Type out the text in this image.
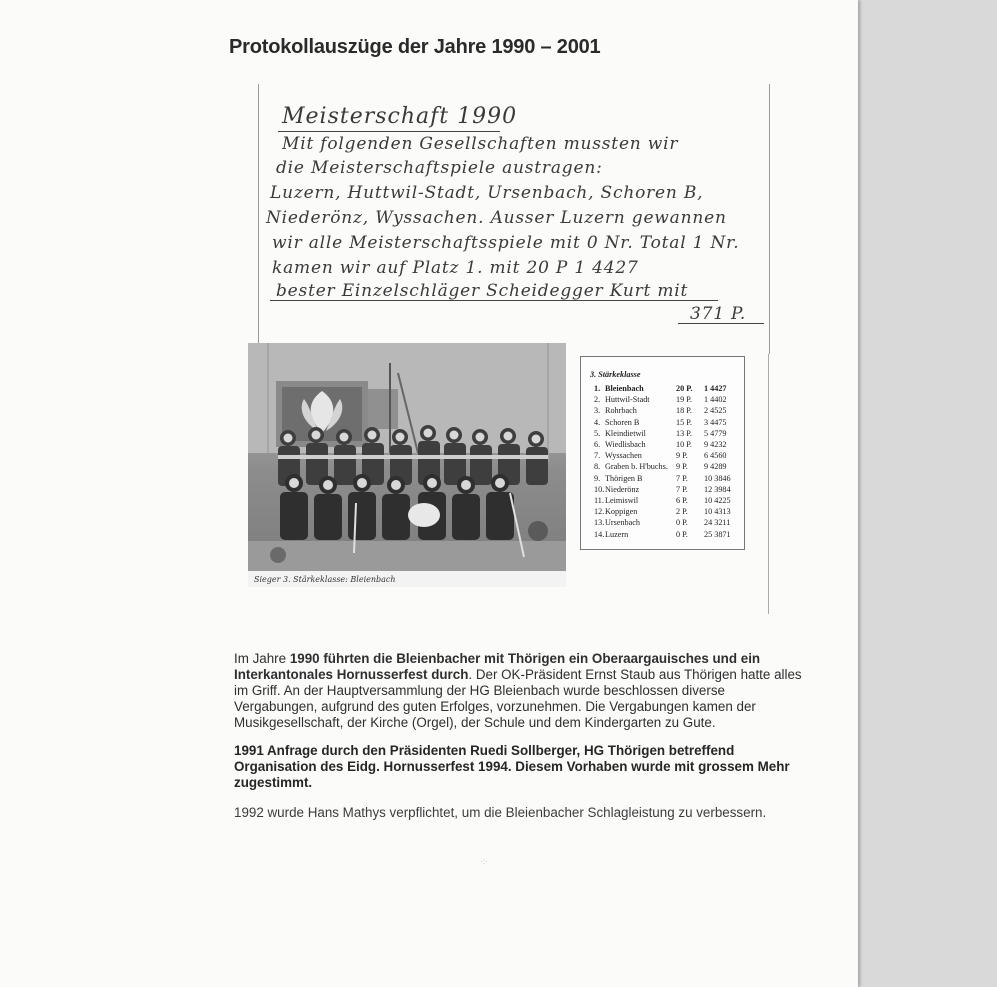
Protokollauszüge der Jahre 1990 – 2001
Meisterschaft 1990
Mit folgenden Gesellschaften mussten wir
die Meisterschaftspiele austragen:
Luzern, Huttwil-Stadt, Ursenbach, Schoren B,
Niederönz, Wyssachen. Ausser Luzern gewannen
wir alle Meisterschaftsspiele mit 0 Nr. Total 1 Nr.
kamen wir auf Platz 1. mit 20 P 1 4427
bester Einzelschläger Scheidegger Kurt mit
371 P.
Sieger 3. Stärkeklasse: Bleienbach
3. Stärkeklasse
1. Bleienbach	20 P. 1 4427
2. Huttwil-Stadt	19 P. 1 4402
3. Rohrbach	18 P. 2 4525
4. Schoren B	15 P. 3 4475
5. Kleindietwil	13 P. 5 4779
6. Wiedlisbach	10 P. 9 4232
7. Wyssachen	9 P. 6 4560
8. Graben b. H'buchs. 9 P. 9 4289
9. Thörigen B	7 P. 10 3846
10. Niederönz	7 P. 12 3984
11. Leimiswil	6 P. 10 4225
12. Koppigen	2 P. 10 4313
13. Ursenbach	0 P. 24 3211
14. Luzern	0 P. 25 3871
Im Jahre 1990 führten die Bleienbacher mit Thörigen ein Oberaargauisches und ein Interkantonales Hornusserfest durch. Der OK-Präsident Ernst Staub aus Thörigen hatte alles im Griff. An der Hauptversammlung der HG Bleienbach wurde beschlossen diverse Vergabungen, aufgrund des guten Erfolges, vorzunehmen. Die Vergabungen kamen der Musikgesellschaft, der Kirche (Orgel), der Schule und dem Kindergarten zu Gute.
1991 Anfrage durch den Präsidenten Ruedi Sollberger, HG Thörigen betreffend Organisation des Eidg. Hornusserfest 1994. Diesem Vorhaben wurde mit grossem Mehr zugestimmt.
1992 wurde Hans Mathys verpflichtet, um die Bleienbacher Schlagleistung zu verbessern.
·:·
